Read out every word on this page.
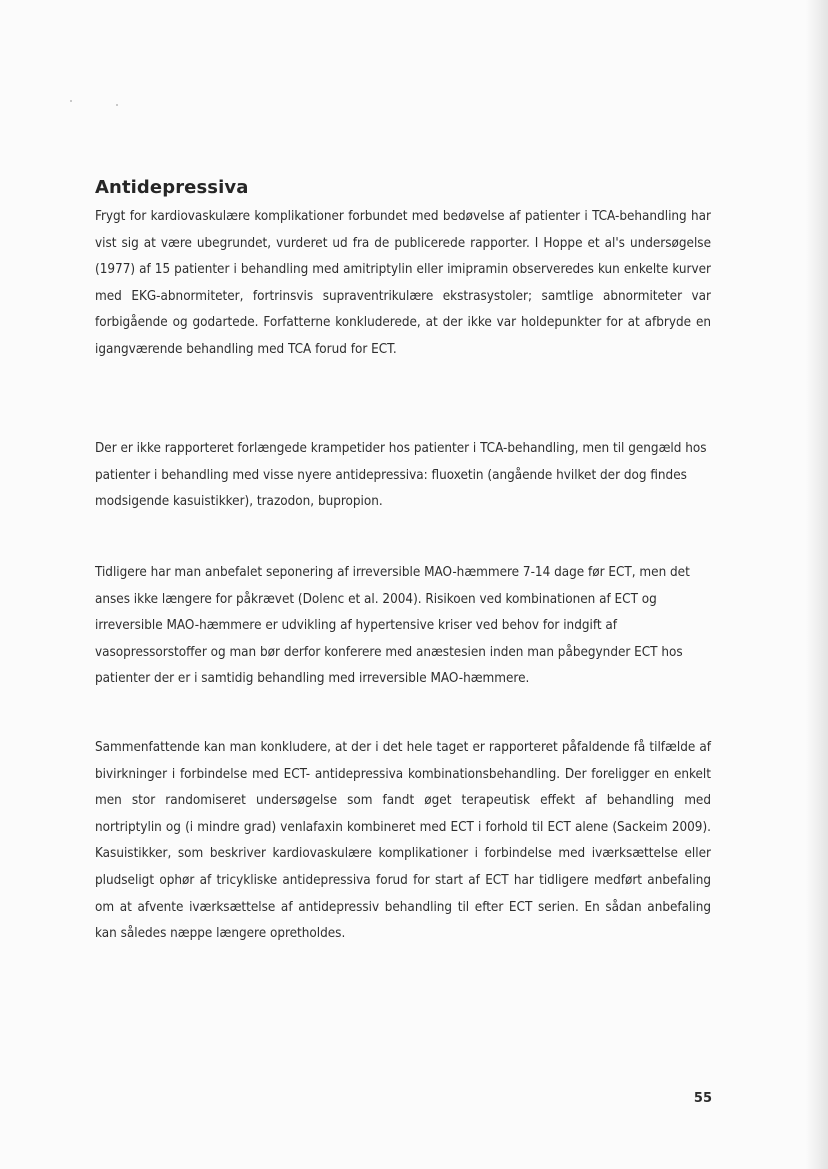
Antidepressiva

Frygt for kardiovaskulære komplikationer forbundet med bedøvelse af patienter i TCA-behandling har vist sig at være ubegrundet, vurderet ud fra de publicerede rapporter. I Hoppe et al's undersøgelse (1977) af 15 patienter i behandling med amitriptylin eller imipramin observeredes kun enkelte kurver med EKG-abnormiteter, fortrinsvis supraventrikulære ekstrasystoler; samtlige abnormiteter var forbigående og godartede. Forfatterne konkluderede, at der ikke var holdepunkter for at afbryde en igangværende behandling med TCA forud for ECT.

Der er ikke rapporteret forlængede krampetider hos patienter i TCA-behandling, men til gengæld hos patienter i behandling med visse nyere antidepressiva: fluoxetin (angående hvilket der dog findes modsigende kasuistikker), trazodon, bupropion.

Tidligere har man anbefalet seponering af irreversible MAO-hæmmere 7-14 dage før ECT, men det anses ikke længere for påkrævet (Dolenc et al. 2004). Risikoen ved kombinationen af ECT og irreversible MAO-hæmmere er udvikling af hypertensive kriser ved behov for indgift af vasopressorstoffer og man bør derfor konferere med anæstesien inden man påbegynder ECT hos patienter der er i samtidig behandling med irreversible MAO-hæmmere.

Sammenfattende kan man konkludere, at der i det hele taget er rapporteret påfaldende få tilfælde af bivirkninger i forbindelse med ECT- antidepressiva kombinationsbehandling. Der foreligger en enkelt men stor randomiseret undersøgelse som fandt øget terapeutisk effekt af behandling med nortriptylin og (i mindre grad) venlafaxin kombineret med ECT i forhold til ECT alene (Sackeim 2009). Kasuistikker, som beskriver kardiovaskulære komplikationer i forbindelse med iværksættelse eller pludseligt ophør af tricykliske antidepressiva forud for start af ECT har tidligere medført anbefaling om at afvente iværksættelse af antidepressiv behandling til efter ECT serien. En sådan anbefaling kan således næppe længere opretholdes.

55
